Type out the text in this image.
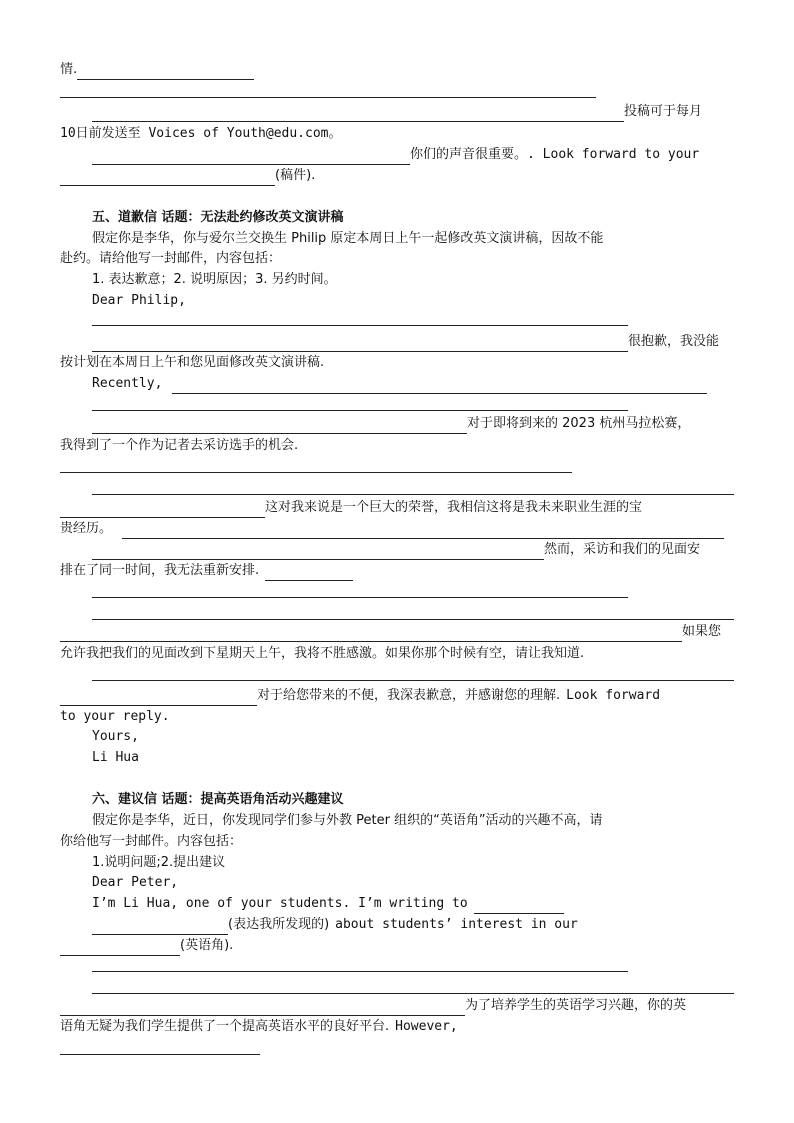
情.
投稿可于每月
10日前发送至 Voices of Youth@edu.com。
你们的声音很重要。. Look forward to your
(稿件).
五、道歉信 话题：无法赴约修改英文演讲稿
假定你是李华，你与爱尔兰交换生 Philip 原定本周日上午一起修改英文演讲稿，因故不能
赴约。请给他写一封邮件，内容包括：
1. 表达歉意；2. 说明原因；3. 另约时间。
Dear Philip,
很抱歉，我没能
按计划在本周日上午和您见面修改英文演讲稿.
Recently,
对于即将到来的 2023 杭州马拉松赛，
我得到了一个作为记者去采访选手的机会.
这对我来说是一个巨大的荣誉，我相信这将是我未来职业生涯的宝
贵经历。
然而，采访和我们的见面安
排在了同一时间，我无法重新安排.
如果您
允许我把我们的见面改到下星期天上午，我将不胜感激。如果你那个时候有空，请让我知道.
对于给您带来的不便，我深表歉意，并感谢您的理解. Look forward
to your reply.
Yours,
Li Hua
六、建议信 话题：提高英语角活动兴趣建议
假定你是李华，近日，你发现同学们参与外教 Peter 组织的“英语角”活动的兴趣不高，请
你给他写一封邮件。内容包括：
1.说明问题;2.提出建议
Dear Peter,
I’m Li Hua, one of your students. I’m writing to
(表达我所发现的) about students’ interest in our
(英语角).
为了培养学生的英语学习兴趣，你的英
语角无疑为我们学生提供了一个提高英语水平的良好平台. However,
